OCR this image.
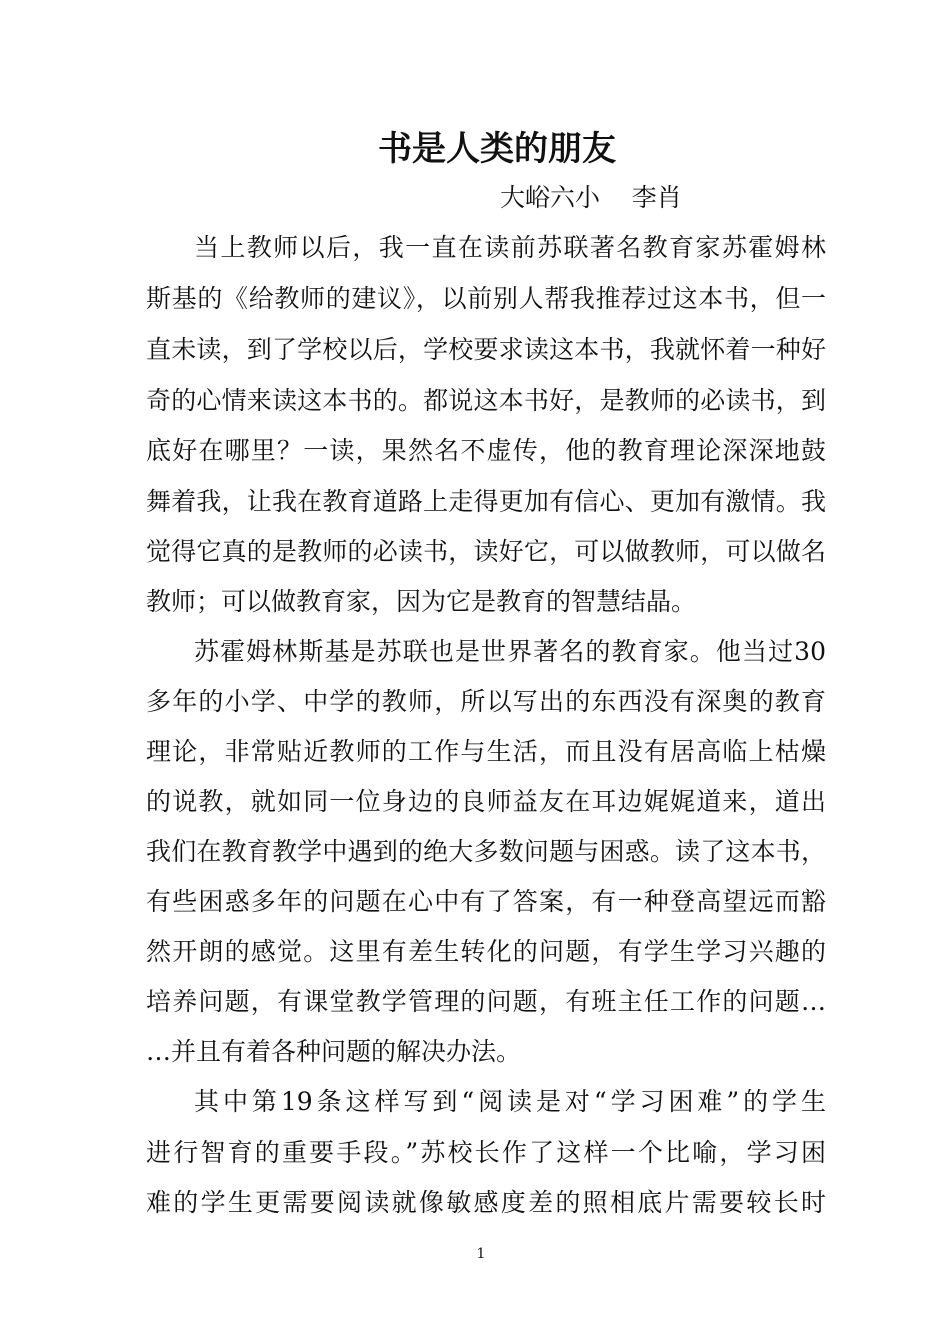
书是人类的朋友
大峪六小    李肖
当上教师以后，我一直在读前苏联著名教育家苏霍姆林
斯基的《给教师的建议》，以前别人帮我推荐过这本书，但一
直未读，到了学校以后，学校要求读这本书，我就怀着一种好
奇的心情来读这本书的。都说这本书好，是教师的必读书，到
底好在哪里？一读，果然名不虚传，他的教育理论深深地鼓
舞着我，让我在教育道路上走得更加有信心、更加有激情。我
觉得它真的是教师的必读书，读好它，可以做教师，可以做名
教师；可以做教育家，因为它是教育的智慧结晶。
苏霍姆林斯基是苏联也是世界著名的教育家。他当过30
多年的小学、中学的教师，所以写出的东西没有深奥的教育
理论，非常贴近教师的工作与生活，而且没有居高临上枯燥
的说教，就如同一位身边的良师益友在耳边娓娓道来，道出
我们在教育教学中遇到的绝大多数问题与困惑。读了这本书，
有些困惑多年的问题在心中有了答案，有一种登高望远而豁
然开朗的感觉。这里有差生转化的问题，有学生学习兴趣的
培养问题，有课堂教学管理的问题，有班主任工作的问题…
…并且有着各种问题的解决办法。
其中第19条这样写到“阅读是对“学习困难”的学生
进行智育的重要手段。”苏校长作了这样一个比喻，学习困
难的学生更需要阅读就像敏感度差的照相底片需要较长时
1
